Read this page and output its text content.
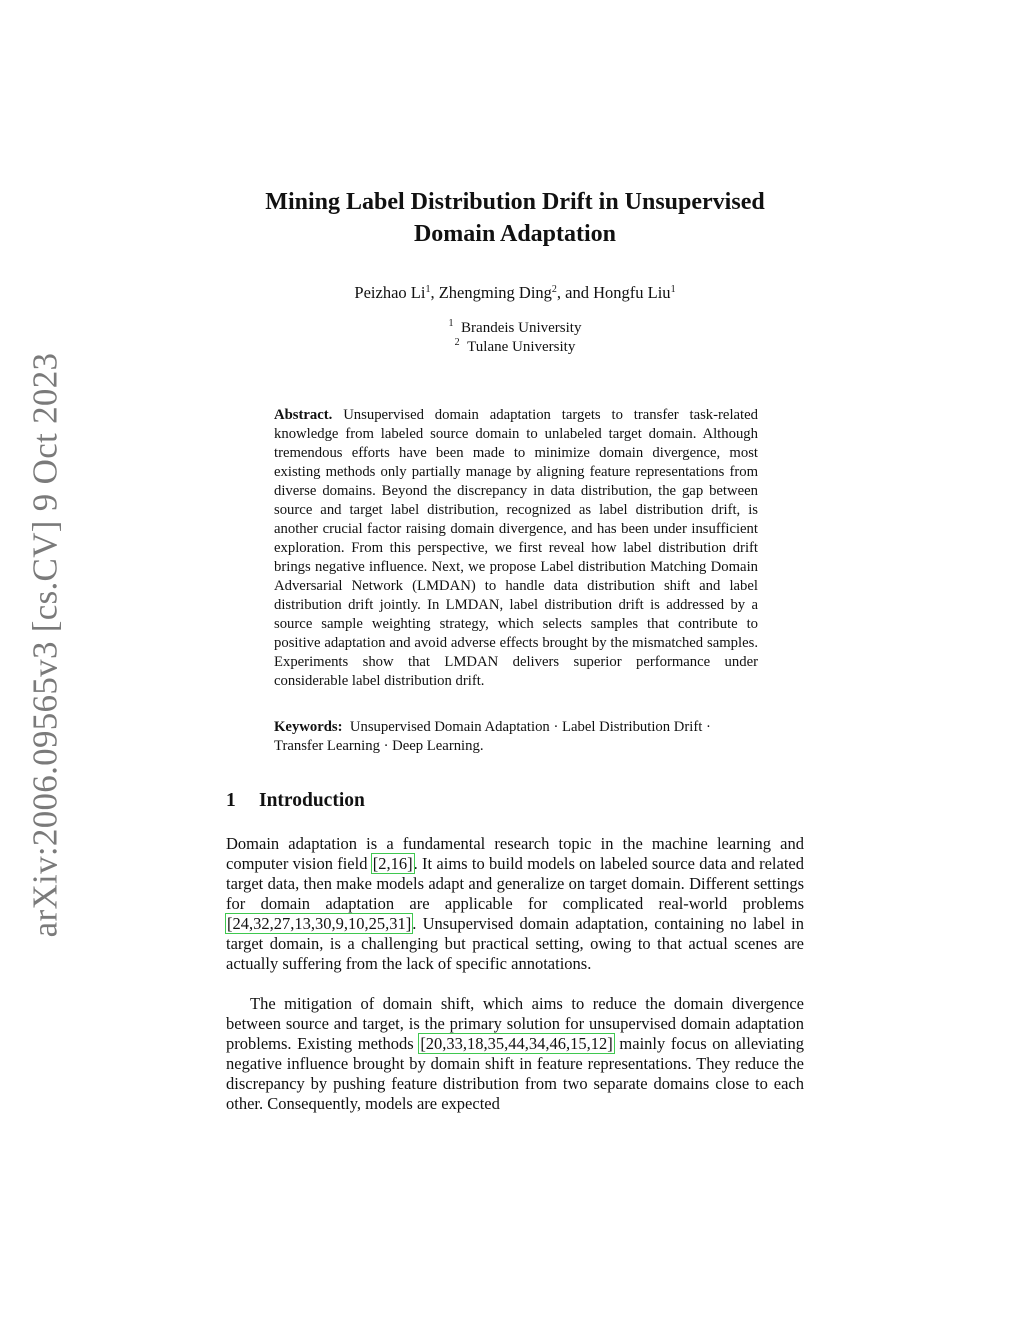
arXiv:2006.09565v3 [cs.CV] 9 Oct 2023
Mining Label Distribution Drift in Unsupervised
Domain Adaptation
Peizhao Li$^1$, Zhengming Ding$^2$, and Hongfu Liu$^1$
$^1$ Brandeis University
$^2$ Tulane University

Abstract. Unsupervised domain adaptation targets to transfer task-related knowledge from labeled source domain to unlabeled target domain. Although tremendous efforts have been made to minimize domain divergence, most existing methods only partially manage by aligning feature representations from diverse domains. Beyond the discrepancy in data distribution, the gap between source and target label distribution, recognized as label distribution drift, is another crucial factor raising domain divergence, and has been under insufficient exploration. From this perspective, we first reveal how label distribution drift brings negative influence. Next, we propose Label distribution Matching Domain Adversarial Network (LMDAN) to handle data distribution shift and label distribution drift jointly. In LMDAN, label distribution drift is addressed by a source sample weighting strategy, which selects samples that contribute to positive adaptation and avoid adverse effects brought by the mismatched samples. Experiments show that LMDAN delivers superior performance under considerable label distribution drift.

Keywords: Unsupervised Domain Adaptation · Label Distribution Drift · Transfer Learning · Deep Learning.

1 Introduction

Domain adaptation is a fundamental research topic in the machine learning and computer vision field [2,16]. It aims to build models on labeled source data and related target data, then make models adapt and generalize on target domain. Different settings for domain adaptation are applicable for complicated real-world problems [24,32,27,13,30,9,10,25,31]. Unsupervised domain adaptation, containing no label in target domain, is a challenging but practical setting, owing to that actual scenes are actually suffering from the lack of specific annotations.

The mitigation of domain shift, which aims to reduce the domain divergence between source and target, is the primary solution for unsupervised domain adaptation problems. Existing methods [20,33,18,35,44,34,46,15,12] mainly focus on alleviating negative influence brought by domain shift in feature representations. They reduce the discrepancy by pushing feature distribution from two separate domains close to each other. Consequently, models are expected
